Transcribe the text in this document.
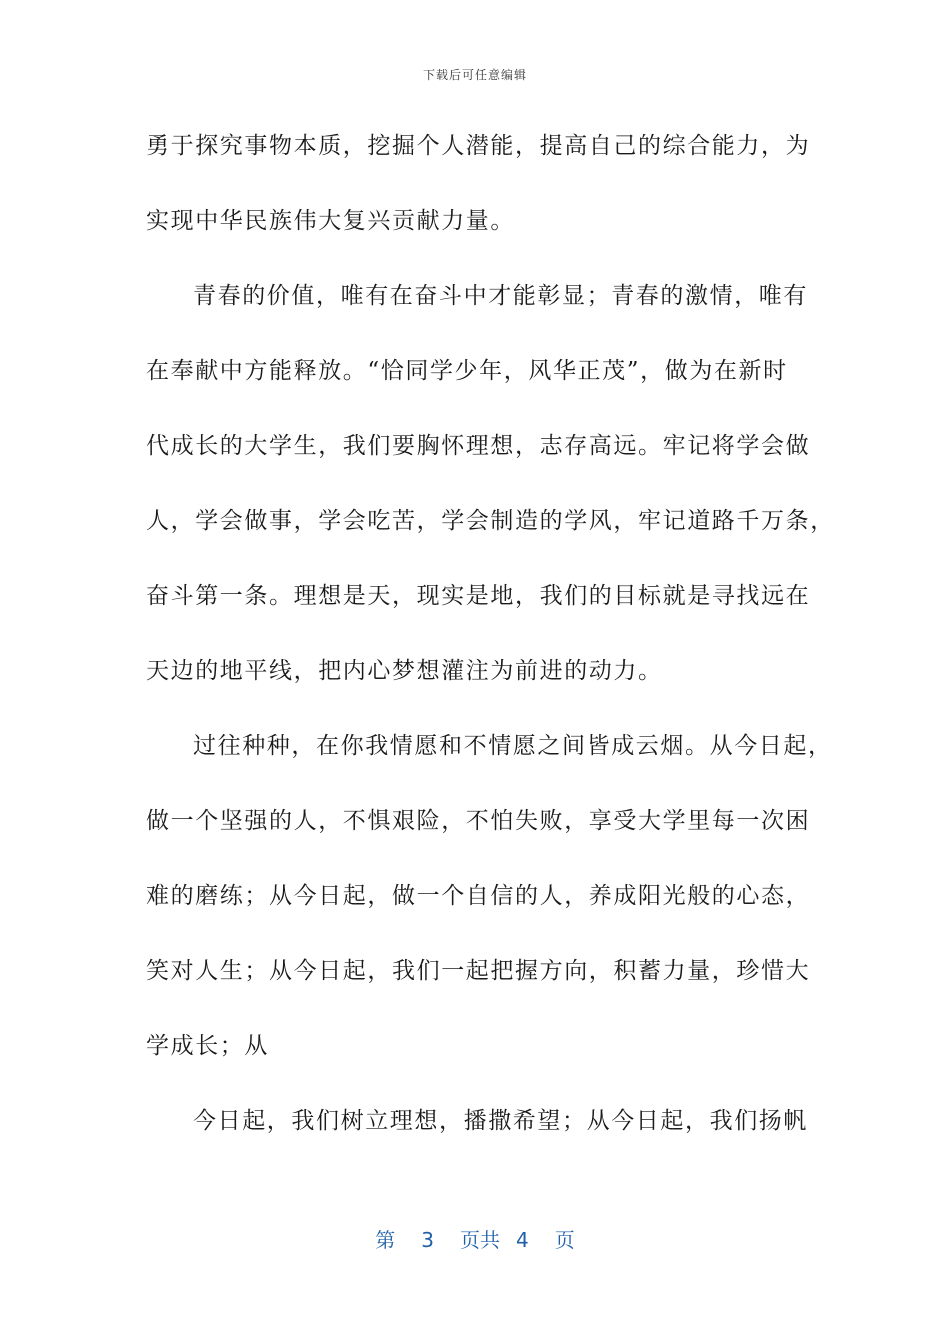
下载后可任意编辑
勇于探究事物本质，挖掘个人潜能，提高自己的综合能力，为
实现中华民族伟大复兴贡献力量。
青春的价值，唯有在奋斗中才能彰显；青春的激情，唯有
在奉献中方能释放。“恰同学少年，风华正茂”，做为在新时
代成长的大学生，我们要胸怀理想，志存高远。牢记将学会做
人，学会做事，学会吃苦，学会制造的学风，牢记道路千万条，
奋斗第一条。理想是天，现实是地，我们的目标就是寻找远在
天边的地平线，把内心梦想灌注为前进的动力。
过往种种，在你我情愿和不情愿之间皆成云烟。从今日起，
做一个坚强的人，不惧艰险，不怕失败，享受大学里每一次困
难的磨练；从今日起，做一个自信的人，养成阳光般的心态，
笑对人生；从今日起，我们一起把握方向，积蓄力量，珍惜大
学成长；从
今日起，我们树立理想，播撒希望；从今日起，我们扬帆
第 3 页共 4 页
